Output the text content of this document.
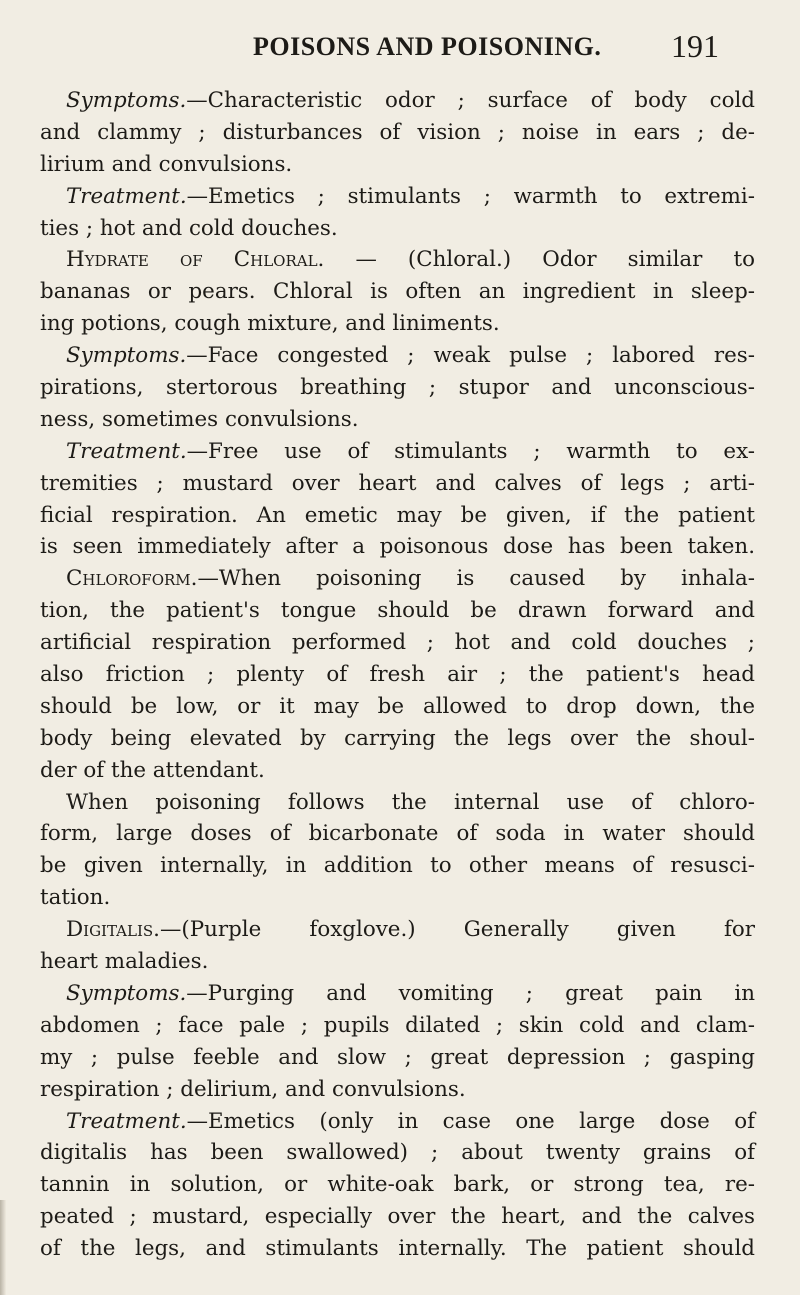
POISONS AND POISONING. 191
Symptoms.—Characteristic odor ; surface of body cold
and clammy ; disturbances of vision ; noise in ears ; de-
lirium and convulsions.
Treatment.—Emetics ; stimulants ; warmth to extremi-
ties ; hot and cold douches.
Hydrate of Chloral. — (Chloral.) Odor similar to
bananas or pears. Chloral is often an ingredient in sleep-
ing potions, cough mixture, and liniments.
Symptoms.—Face congested ; weak pulse ; labored res-
pirations, stertorous breathing ; stupor and unconscious-
ness, sometimes convulsions.
Treatment.—Free use of stimulants ; warmth to ex-
tremities ; mustard over heart and calves of legs ; arti-
ficial respiration. An emetic may be given, if the patient
is seen immediately after a poisonous dose has been taken.
Chloroform.—When poisoning is caused by inhala-
tion, the patient's tongue should be drawn forward and
artificial respiration performed ; hot and cold douches ;
also friction ; plenty of fresh air ; the patient's head
should be low, or it may be allowed to drop down, the
body being elevated by carrying the legs over the shoul-
der of the attendant.
When poisoning follows the internal use of chloro-
form, large doses of bicarbonate of soda in water should
be given internally, in addition to other means of resusci-
tation.
Digitalis.—(Purple foxglove.) Generally given for
heart maladies.
Symptoms.—Purging and vomiting ; great pain in
abdomen ; face pale ; pupils dilated ; skin cold and clam-
my ; pulse feeble and slow ; great depression ; gasping
respiration ; delirium, and convulsions.
Treatment.—Emetics (only in case one large dose of
digitalis has been swallowed) ; about twenty grains of
tannin in solution, or white-oak bark, or strong tea, re-
peated ; mustard, especially over the heart, and the calves
of the legs, and stimulants internally. The patient should
